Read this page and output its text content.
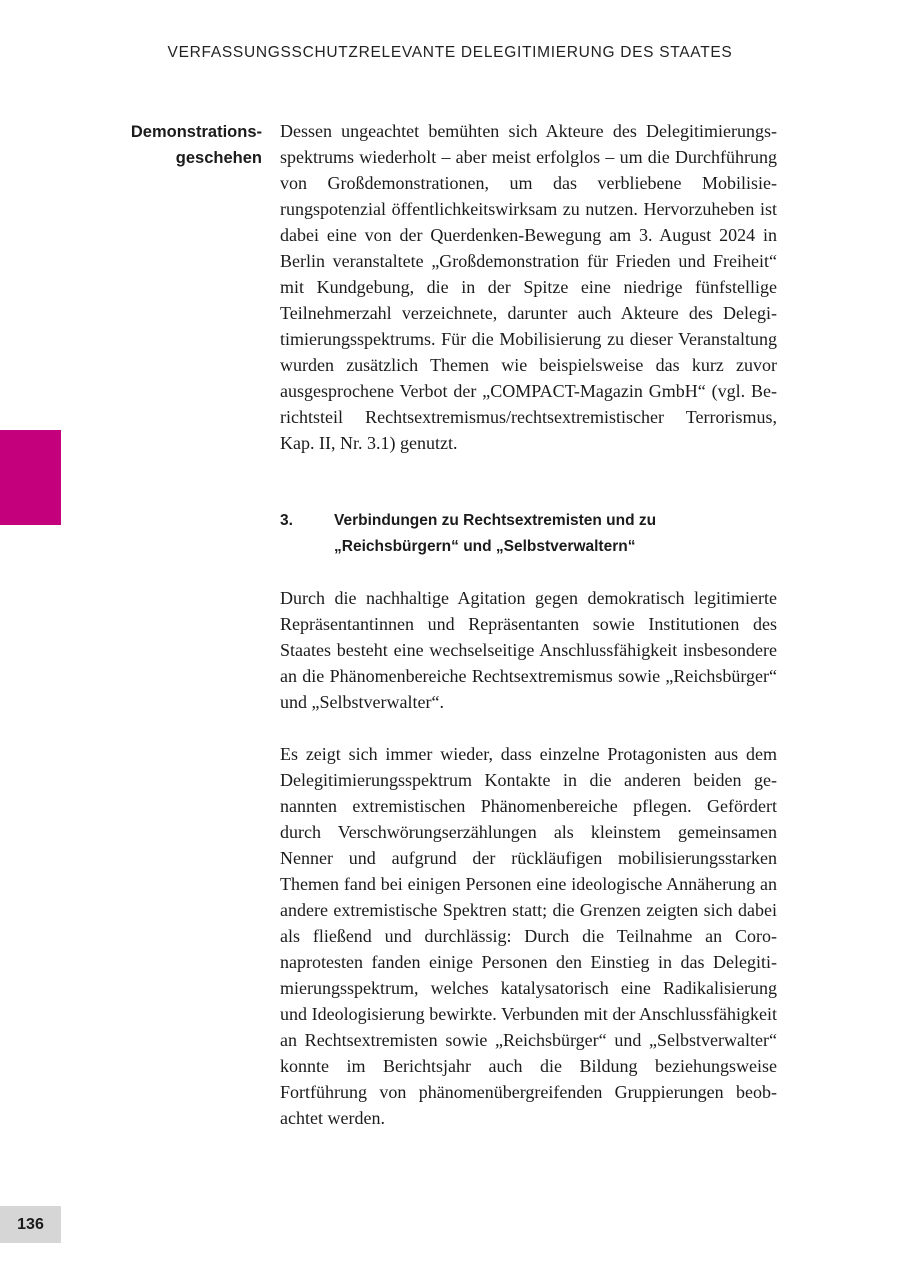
VERFASSUNGSSCHUTZRELEVANTE DELEGITIMIERUNG DES STAATES
Demonstrations-
geschehen

Dessen ungeachtet bemühten sich Akteure des Delegitimierungsspektrums wiederholt – aber meist erfolglos – um die Durchführung von Großdemonstrationen, um das verbliebene Mobilisierungspotenzial öffentlichkeitswirksam zu nutzen. Hervorzuheben ist dabei eine von der Querdenken-Bewegung am 3. August 2024 in Berlin veranstaltete „Großdemonstration für Frieden und Freiheit“ mit Kundgebung, die in der Spitze eine niedrige fünfstellige Teilnehmerzahl verzeichnete, darunter auch Akteure des Delegitimierungsspektrums. Für die Mobilisierung zu dieser Veranstaltung wurden zusätzlich Themen wie beispielsweise das kurz zuvor ausgesprochene Verbot der „COMPACT-Magazin GmbH“ (vgl. Berichtsteil Rechtsextremismus/rechtsextremistischer Terrorismus, Kap. II, Nr. 3.1) genutzt.

3.	Verbindungen zu Rechtsextremisten und zu
„Reichsbürgern“ und „Selbstverwaltern“

Durch die nachhaltige Agitation gegen demokratisch legitimierte Repräsentantinnen und Repräsentanten sowie Institutionen des Staates besteht eine wechselseitige Anschlussfähigkeit insbesondere an die Phänomenbereiche Rechtsextremismus sowie „Reichsbürger“ und „Selbstverwalter“.

Es zeigt sich immer wieder, dass einzelne Protagonisten aus dem Delegitimierungsspektrum Kontakte in die anderen beiden genannten extremistischen Phänomenbereiche pflegen. Gefördert durch Verschwörungserzählungen als kleinstem gemeinsamen Nenner und aufgrund der rückläufigen mobilisierungsstarken Themen fand bei einigen Personen eine ideologische Annäherung an andere extremistische Spektren statt; die Grenzen zeigten sich dabei als fließend und durchlässig: Durch die Teilnahme an Coronaprotesten fanden einige Personen den Einstieg in das Delegitimierungsspektrum, welches katalysatorisch eine Radikalisierung und Ideologisierung bewirkte. Verbunden mit der Anschlussfähigkeit an Rechtsextremisten sowie „Reichsbürger“ und „Selbstverwalter“ konnte im Berichtsjahr auch die Bildung beziehungsweise Fortführung von phänomenübergreifenden Gruppierungen beobachtet werden.

136
